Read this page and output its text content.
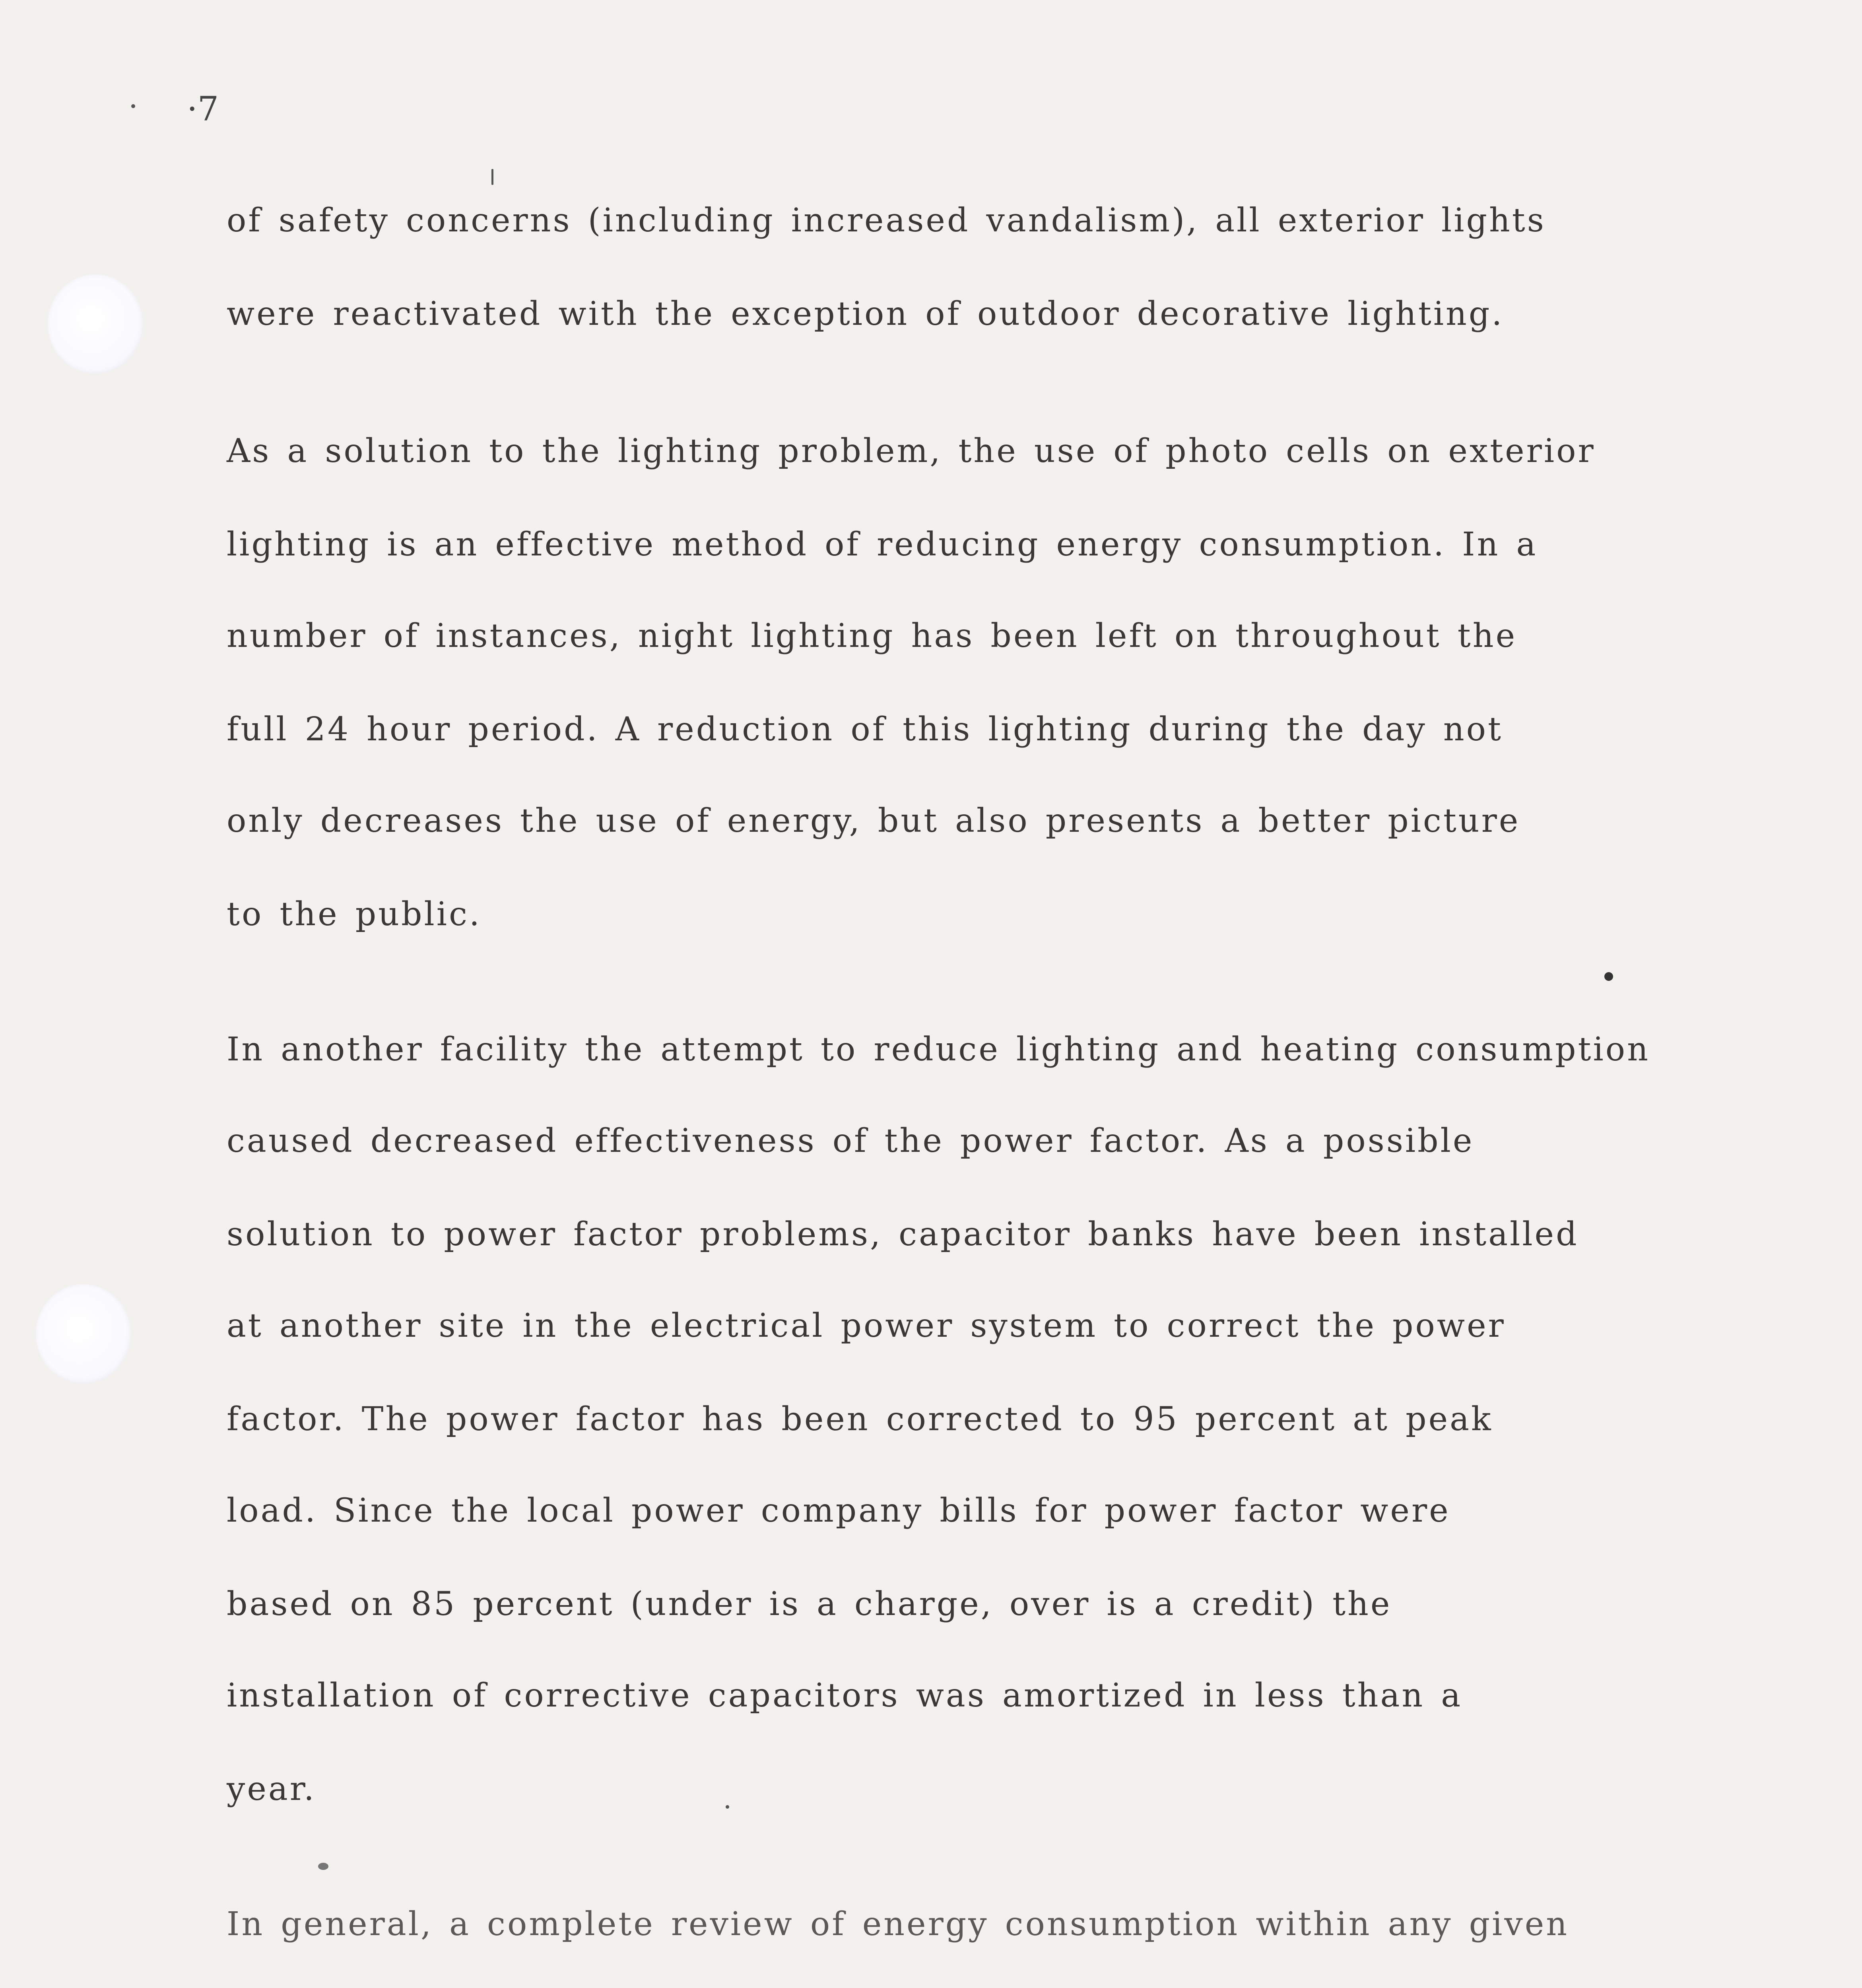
·7
of safety concerns (including increased vandalism), all exterior lights
were reactivated with the exception of outdoor decorative lighting.
As a solution to the lighting problem, the use of photo cells on exterior
lighting is an effective method of reducing energy consumption. In a
number of instances, night lighting has been left on throughout the
full 24 hour period. A reduction of this lighting during the day not
only decreases the use of energy, but also presents a better picture
to the public.
In another facility the attempt to reduce lighting and heating consumption
caused decreased effectiveness of the power factor. As a possible
solution to power factor problems, capacitor banks have been installed
at another site in the electrical power system to correct the power
factor. The power factor has been corrected to 95 percent at peak
load. Since the local power company bills for power factor were
based on 85 percent (under is a charge, over is a credit) the
installation of corrective capacitors was amortized in less than a
year.
In general, a complete review of energy consumption within any given
